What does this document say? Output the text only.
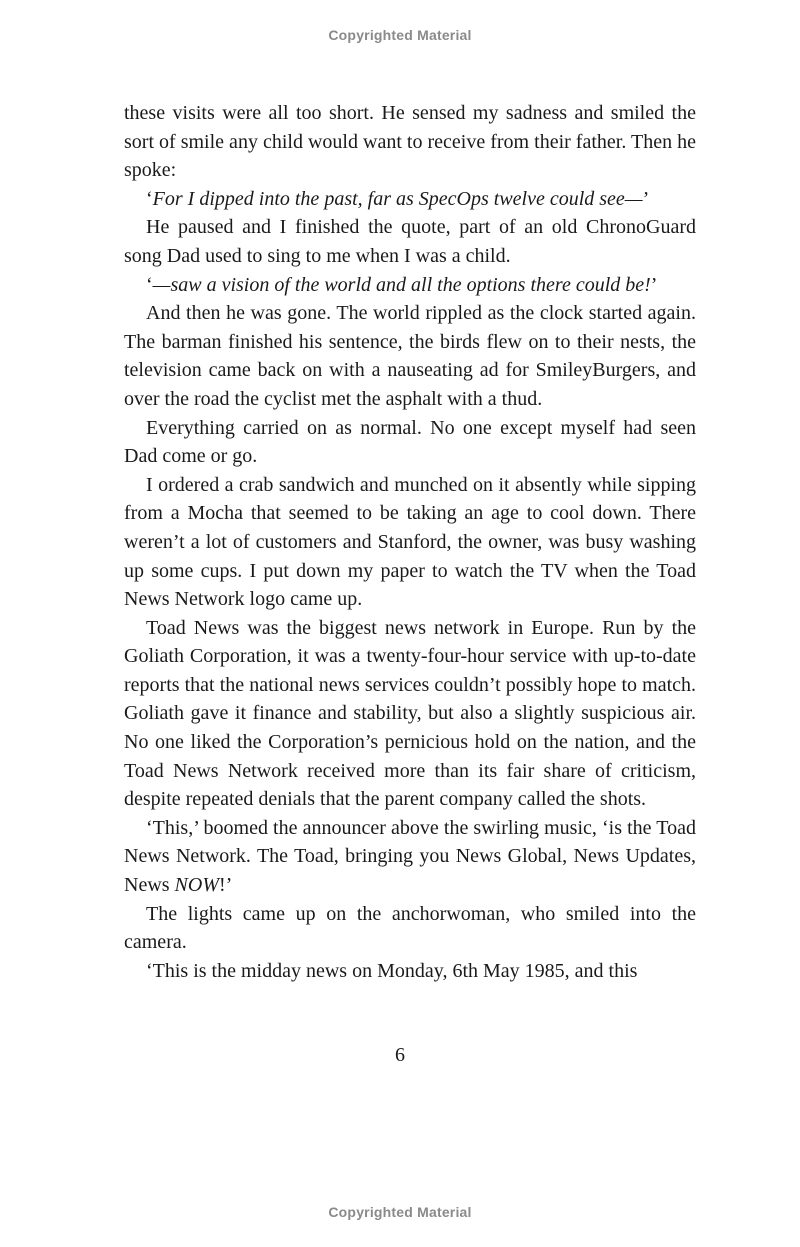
Copyrighted Material

these visits were all too short. He sensed my sadness and smiled the sort of smile any child would want to receive from their father. Then he spoke:

‘For I dipped into the past, far as SpecOps twelve could see—’

He paused and I finished the quote, part of an old ChronoGuard song Dad used to sing to me when I was a child.

‘—saw a vision of the world and all the options there could be!’

And then he was gone. The world rippled as the clock started again. The barman finished his sentence, the birds flew on to their nests, the television came back on with a nauseating ad for SmileyBurgers, and over the road the cyclist met the asphalt with a thud.

Everything carried on as normal. No one except myself had seen Dad come or go.

I ordered a crab sandwich and munched on it absently while sipping from a Mocha that seemed to be taking an age to cool down. There weren’t a lot of customers and Stanford, the owner, was busy washing up some cups. I put down my paper to watch the TV when the Toad News Network logo came up.

Toad News was the biggest news network in Europe. Run by the Goliath Corporation, it was a twenty-four-hour service with up-to-date reports that the national news services couldn’t possibly hope to match. Goliath gave it finance and stability, but also a slightly suspicious air. No one liked the Corporation’s pernicious hold on the nation, and the Toad News Network received more than its fair share of criticism, despite repeated denials that the parent company called the shots.

‘This,’ boomed the announcer above the swirling music, ‘is the Toad News Network. The Toad, bringing you News Global, News Updates, News NOW!’

The lights came up on the anchorwoman, who smiled into the camera.

‘This is the midday news on Monday, 6th May 1985, and this

6
Copyrighted Material
